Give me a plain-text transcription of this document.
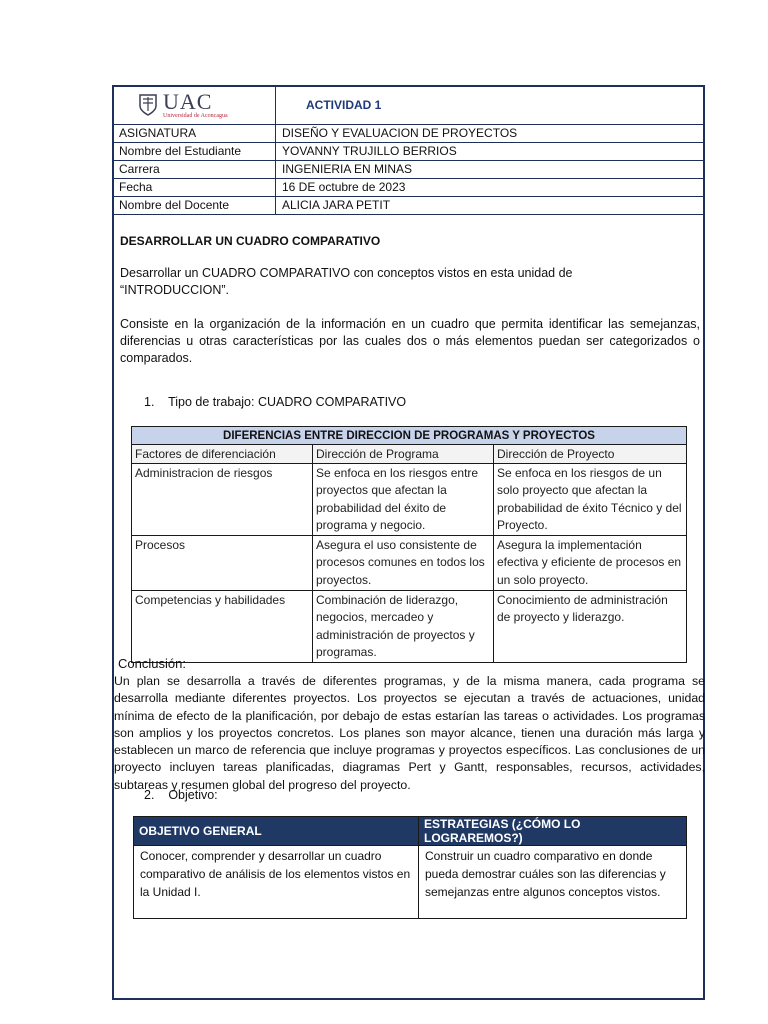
UAC
Universidad de Aconcagua	ACTIVIDAD 1
ASIGNATURA	DISEÑO Y EVALUACION DE PROYECTOS
Nombre del Estudiante	YOVANNY TRUJILLO BERRIOS
Carrera	INGENIERIA EN MINAS
Fecha	16 DE octubre de 2023
Nombre del Docente	ALICIA JARA PETIT
DESARROLLAR UN CUADRO COMPARATIVO
Desarrollar un CUADRO COMPARATIVO con conceptos vistos en esta unidad de “INTRODUCCION”.
Consiste en la organización de la información en un cuadro que permita identificar las semejanzas, diferencias u otras características por las cuales dos o más elementos puedan ser categorizados o comparados.
1.    Tipo de trabajo: CUADRO COMPARATIVO
DIFERENCIAS ENTRE DIRECCION DE PROGRAMAS Y PROYECTOS		
Factores de diferenciación	Dirección de Programa	Dirección de Proyecto
Administracion de riesgos	Se enfoca en los riesgos entre proyectos que afectan la probabilidad del éxito de programa y negocio.	Se enfoca en los riesgos de un solo proyecto que afectan la probabilidad de éxito Técnico y del Proyecto.
Procesos	Asegura el uso consistente de procesos comunes en todos los proyectos.	Asegura la implementación efectiva y eficiente de procesos en un solo proyecto.
Competencias y habilidades	Combinación de liderazgo, negocios, mercadeo y administración de proyectos y programas.	Conocimiento de administración de proyecto y liderazgo.
Conclusión:
Un plan se desarrolla a través de diferentes programas, y de la misma manera, cada programa se desarrolla mediante diferentes proyectos. Los proyectos se ejecutan a través de actuaciones, unidad mínima de efecto de la planificación, por debajo de estas estarían las tareas o actividades. Los programas son amplios y los proyectos concretos. Los planes son mayor alcance, tienen una duración más larga y establecen un marco de referencia que incluye programas y proyectos específicos. Las conclusiones de un proyecto incluyen tareas planificadas, diagramas Pert y Gantt, responsables, recursos, actividades, subtareas y resumen global del progreso del proyecto.
2.    Objetivo:
OBJETIVO GENERAL	ESTRATEGIAS (¿CÓMO LO LOGRAREMOS?)
Conocer, comprender y desarrollar un cuadro comparativo de análisis de los elementos vistos en la Unidad I.	Construir un cuadro comparativo en donde pueda demostrar cuáles son las diferencias y semejanzas entre algunos conceptos vistos.
